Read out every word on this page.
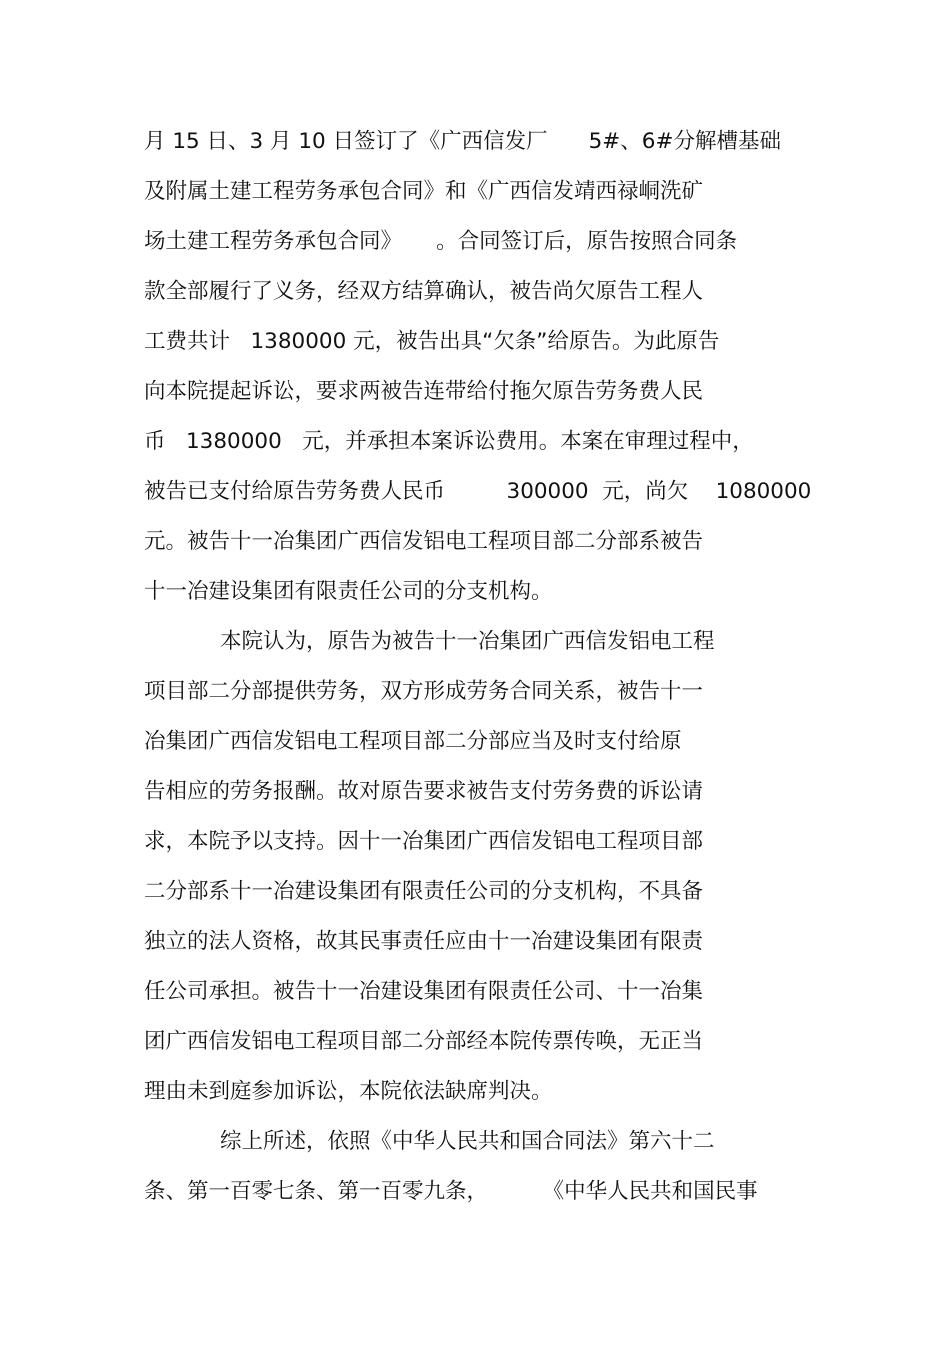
月 15 日、3 月 10 日签订了《广西信发厂      5#、6#分解槽基础
及附属土建工程劳务承包合同》和《广西信发靖西禄峒洗矿
场土建工程劳务承包合同》     。合同签订后，原告按照合同条
款全部履行了义务，经双方结算确认，被告尚欠原告工程人
工费共计   1380000 元，被告出具“欠条”给原告。为此原告
向本院提起诉讼，要求两被告连带给付拖欠原告劳务费人民
币   1380000   元，并承担本案诉讼费用。本案在审理过程中，
被告已支付给原告劳务费人民币         300000  元，尚欠    1080000
元。被告十一冶集团广西信发铝电工程项目部二分部系被告
十一冶建设集团有限责任公司的分支机构。
本院认为，原告为被告十一冶集团广西信发铝电工程
项目部二分部提供劳务，双方形成劳务合同关系，被告十一
冶集团广西信发铝电工程项目部二分部应当及时支付给原
告相应的劳务报酬。故对原告要求被告支付劳务费的诉讼请
求，本院予以支持。因十一冶集团广西信发铝电工程项目部
二分部系十一冶建设集团有限责任公司的分支机构，不具备
独立的法人资格，故其民事责任应由十一冶建设集团有限责
任公司承担。被告十一冶建设集团有限责任公司、十一冶集
团广西信发铝电工程项目部二分部经本院传票传唤，无正当
理由未到庭参加诉讼，本院依法缺席判决。
综上所述，依照《中华人民共和国合同法》第六十二
条、第一百零七条、第一百零九条，        《中华人民共和国民事
